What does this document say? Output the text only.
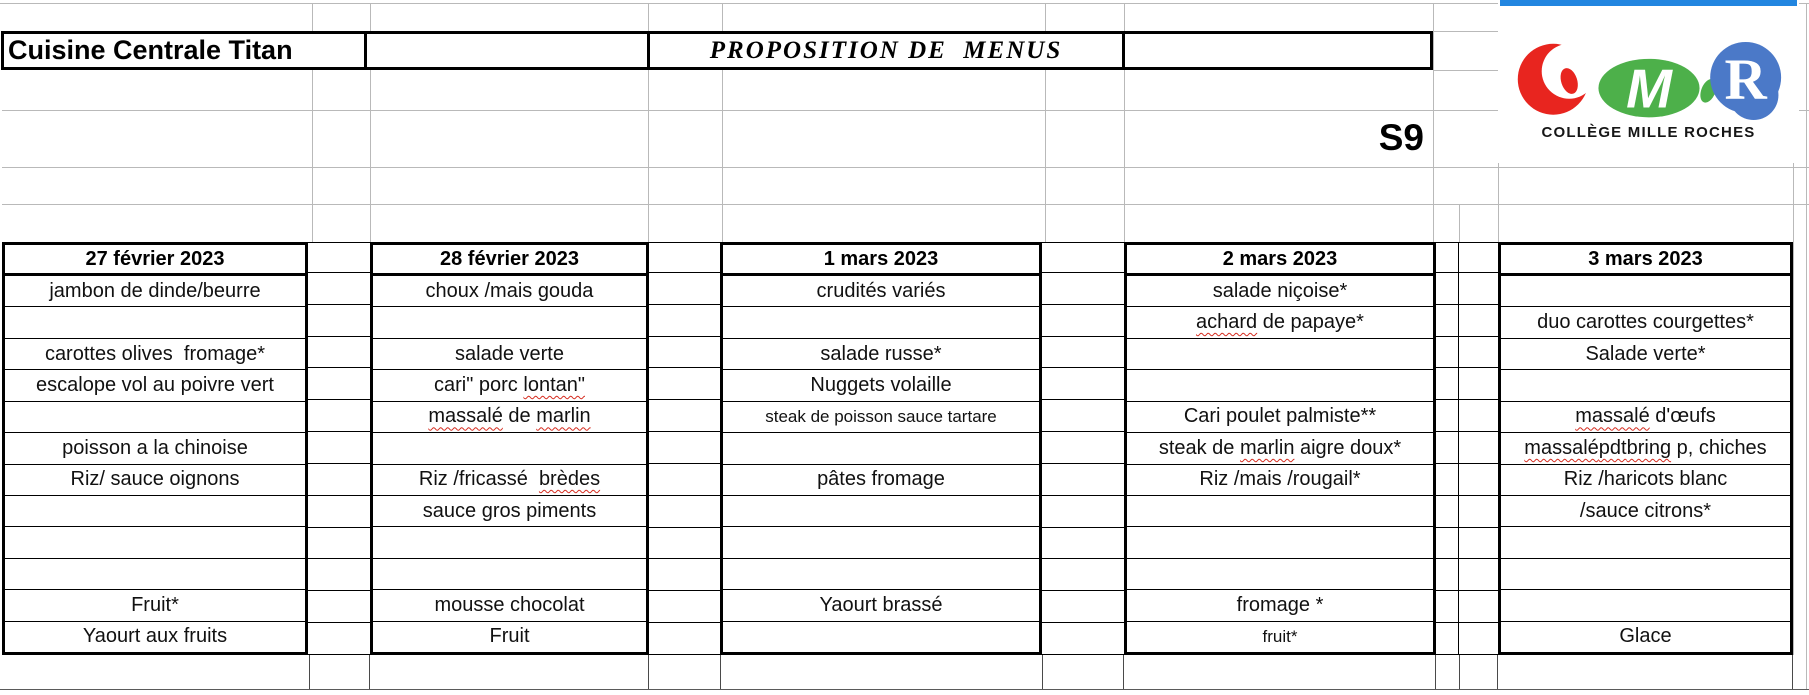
Cuisine Centrale Titan	PROPOSITION DE  MENUS
S9
M R
COLLÈGE MILLE ROCHES
27 février 2023
jambon de dinde/beurre
carottes olives  fromage*
escalope vol au poivre vert
poisson a la chinoise
Riz/ sauce oignons
Fruit*
Yaourt aux fruits
28 février 2023
choux /mais gouda
salade verte
cari" porc lontan"
massalé de marlin
Riz /fricassé brèdes
sauce gros piments
mousse chocolat
Fruit
1 mars 2023
crudités variés
salade russe*
Nuggets volaille
steak de poisson sauce tartare
pâtes fromage
Yaourt brassé
2 mars 2023
salade niçoise*
achard de papaye*
Cari poulet palmiste**
steak de marlin aigre doux*
Riz /mais /rougail*
fromage *
fruit*
3 mars 2023
duo carottes courgettes*
Salade verte*
massalé d'œufs
massalé pdt bring p, chiches
Riz /haricots blanc
/sauce citrons*
Glace
